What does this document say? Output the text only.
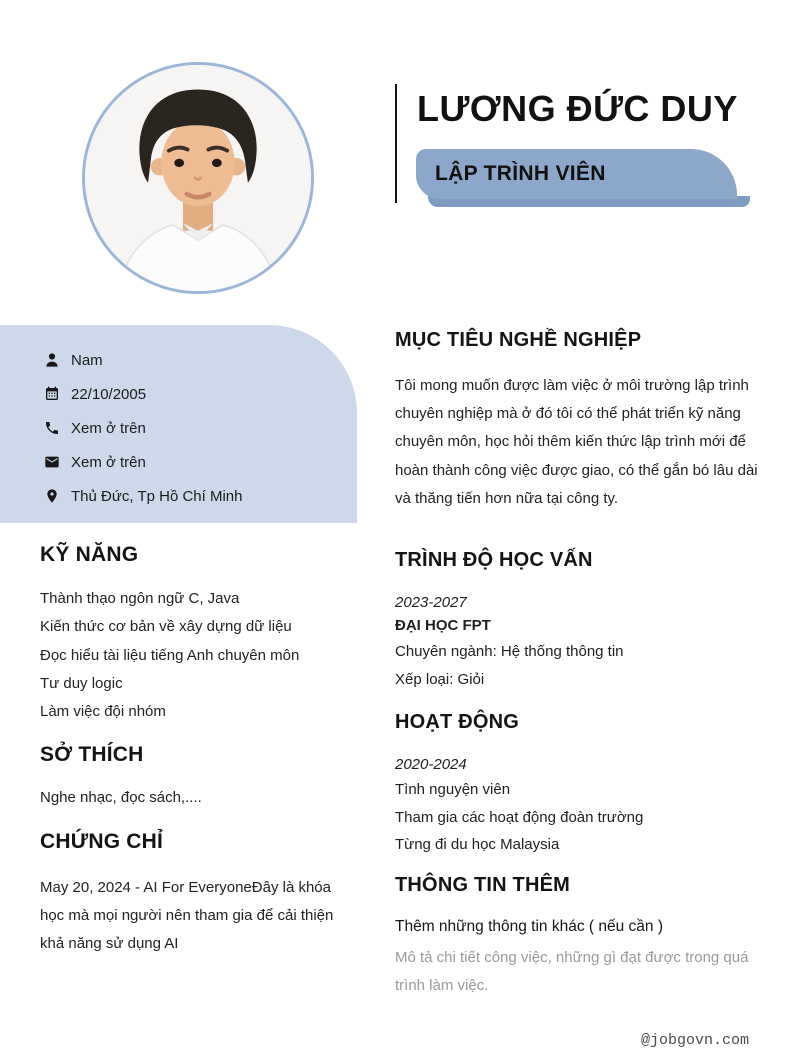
LƯƠNG ĐỨC DUY
LẬP TRÌNH VIÊN
Nam
22/10/2005
Xem ở trên
Xem ở trên
Thủ Đức, Tp Hồ Chí Minh
KỸ NĂNG
Thành thạo ngôn ngữ C, Java
Kiến thức cơ bản về xây dựng dữ liệu
Đọc hiểu tài liệu tiếng Anh chuyên môn
Tư duy logic
Làm việc đội nhóm
SỞ THÍCH
Nghe nhạc, đọc sách,....
CHỨNG CHỈ
May 20, 2024 - AI For EveryoneĐây là khóa học mà mọi người nên tham gia để cải thiện khả năng sử dụng AI
MỤC TIÊU NGHỀ NGHIỆP
Tôi mong muốn được làm việc ở môi trường lập trình chuyên nghiệp mà ở đó tôi có thể phát triển kỹ năng chuyên môn, học hỏi thêm kiến thức lập trình mới để hoàn thành công việc được giao, có thể gắn bó lâu dài và thăng tiến hơn nữa tại công ty.
TRÌNH ĐỘ HỌC VẤN
2023-2027
ĐẠI HỌC FPT
Chuyên ngành: Hệ thống thông tin
Xếp loại: Giỏi
HOẠT ĐỘNG
2020-2024
Tình nguyện viên
Tham gia các hoạt động đoàn trường
Từng đi du học Malaysia
THÔNG TIN THÊM
Thêm những thông tin khác ( nếu cần )
Mô tả chi tiết công việc, những gì đạt được trong quá trình làm việc.
@jobgovn.com
